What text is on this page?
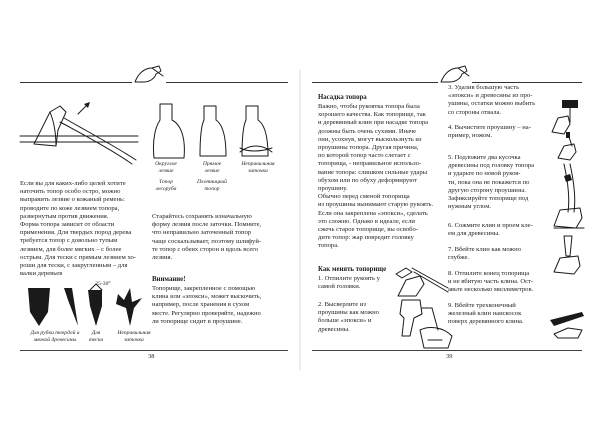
Округлое
лезвие
Прямое
лезвие
Неправильная
заточка
Топор
лесоруба
Плотницкий
топор

Если вы для каких-либо целей хотите

наточить топор особо остро, можно

выправить лезвие о кожаный ремень:

проводите по коже лезвием топора,

развернутым против движения.

Форма топора зависит от области

применения. Для твердых пород дерева

требуется топор с довольно тупым

лезвием, для более мягких – с более

острым. Для тески с прямым лезвием хо-

роши для тески, с закругленным – для

валки деревьев

Старайтесь сохранять изначальную

форму лезвия после заточки. Помните,

что неправильно заточенный топор

чаще соскальзывает, поэтому шлифуй-

те топор с обеих сторон и вдоль всего

лезвия.

Внимание!

Топорище, закрепленное с помощью

клина или «эпокси», может выскочить,

например, после хранения в сухом

месте. Регулярно проверяйте, надежно

ли топорище сидит в проушине.

25-30°
Для рубки твердой и
мягкой древесины
Для
тески
Неправильная
заточка
38
Насадка топора

Важно, чтобы рукоятка топора была

хорошего качества. Как топорище, так

и деревянный клин при насадке топора

должны быть очень сухими. Иначе

они, усохнув, могут выскользнуть из

проушины топора. Другая причина,

по которой топор часто слетает с

топорища, - неправильное использо-

вание топора: слишком сильные удары

обухом или по обуху деформируют

проушину.

Обычно перед сменой топорища

из проушины вынимают старую рукоять.

Если она закреплена «эпокси», сделать

это сложно. Однако в идеале, если

сжечь старое топорище, вы освобо-

дите топор: жар повредит головку

топора.

Как менять топорище

1. Отпилите рукоять у

самой головки.

2. Высверлите из

проушины как можно

больше «эпокси» и

древесины.

3. Удалив большую часть

«эпокси» и древесины из про-

ушины, остатки можно выбить

со стороны отвала.

4. Вычистите проушину – на-

пример, ножом.

5. Подложите два кусочка

древесины под головку топора

и ударьте по новой рукоя-

ти, пока она не покажется по

другую сторону проушины.

Зафиксируйте топорище под

нужным углом.

6. Сожмите клин и проем кле-

ем для древесины.

7. Вбейте клин как можно

глубже.

8. Отпилите конец топорища

и не вбитую часть клина. Ост-

авьте несколько миллиметров.

9. Вбейте трехконечный

железный клин наискосок

поверх деревянного клина.

39
